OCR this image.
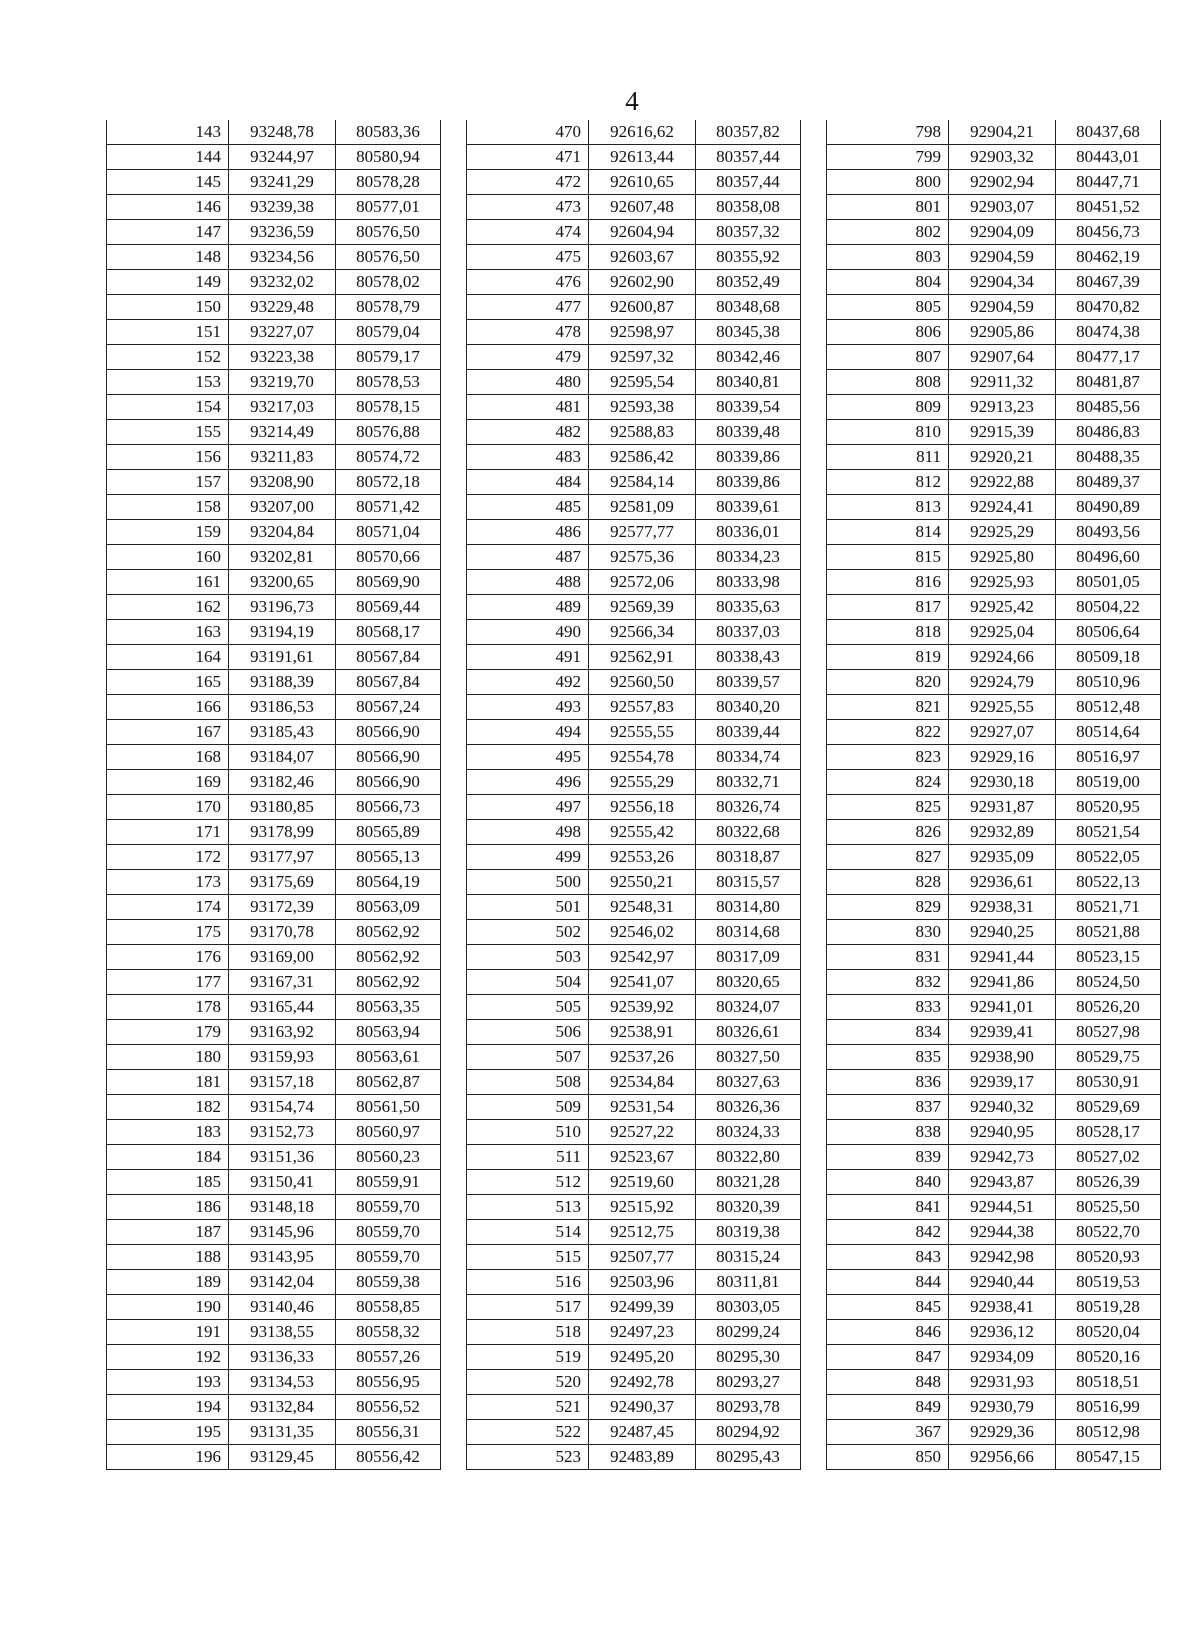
4
143	93248,78	80583,36
144	93244,97	80580,94
145	93241,29	80578,28
146	93239,38	80577,01
147	93236,59	80576,50
148	93234,56	80576,50
149	93232,02	80578,02
150	93229,48	80578,79
151	93227,07	80579,04
152	93223,38	80579,17
153	93219,70	80578,53
154	93217,03	80578,15
155	93214,49	80576,88
156	93211,83	80574,72
157	93208,90	80572,18
158	93207,00	80571,42
159	93204,84	80571,04
160	93202,81	80570,66
161	93200,65	80569,90
162	93196,73	80569,44
163	93194,19	80568,17
164	93191,61	80567,84
165	93188,39	80567,84
166	93186,53	80567,24
167	93185,43	80566,90
168	93184,07	80566,90
169	93182,46	80566,90
170	93180,85	80566,73
171	93178,99	80565,89
172	93177,97	80565,13
173	93175,69	80564,19
174	93172,39	80563,09
175	93170,78	80562,92
176	93169,00	80562,92
177	93167,31	80562,92
178	93165,44	80563,35
179	93163,92	80563,94
180	93159,93	80563,61
181	93157,18	80562,87
182	93154,74	80561,50
183	93152,73	80560,97
184	93151,36	80560,23
185	93150,41	80559,91
186	93148,18	80559,70
187	93145,96	80559,70
188	93143,95	80559,70
189	93142,04	80559,38
190	93140,46	80558,85
191	93138,55	80558,32
192	93136,33	80557,26
193	93134,53	80556,95
194	93132,84	80556,52
195	93131,35	80556,31
196	93129,45	80556,42
470	92616,62	80357,82
471	92613,44	80357,44
472	92610,65	80357,44
473	92607,48	80358,08
474	92604,94	80357,32
475	92603,67	80355,92
476	92602,90	80352,49
477	92600,87	80348,68
478	92598,97	80345,38
479	92597,32	80342,46
480	92595,54	80340,81
481	92593,38	80339,54
482	92588,83	80339,48
483	92586,42	80339,86
484	92584,14	80339,86
485	92581,09	80339,61
486	92577,77	80336,01
487	92575,36	80334,23
488	92572,06	80333,98
489	92569,39	80335,63
490	92566,34	80337,03
491	92562,91	80338,43
492	92560,50	80339,57
493	92557,83	80340,20
494	92555,55	80339,44
495	92554,78	80334,74
496	92555,29	80332,71
497	92556,18	80326,74
498	92555,42	80322,68
499	92553,26	80318,87
500	92550,21	80315,57
501	92548,31	80314,80
502	92546,02	80314,68
503	92542,97	80317,09
504	92541,07	80320,65
505	92539,92	80324,07
506	92538,91	80326,61
507	92537,26	80327,50
508	92534,84	80327,63
509	92531,54	80326,36
510	92527,22	80324,33
511	92523,67	80322,80
512	92519,60	80321,28
513	92515,92	80320,39
514	92512,75	80319,38
515	92507,77	80315,24
516	92503,96	80311,81
517	92499,39	80303,05
518	92497,23	80299,24
519	92495,20	80295,30
520	92492,78	80293,27
521	92490,37	80293,78
522	92487,45	80294,92
523	92483,89	80295,43
798	92904,21	80437,68
799	92903,32	80443,01
800	92902,94	80447,71
801	92903,07	80451,52
802	92904,09	80456,73
803	92904,59	80462,19
804	92904,34	80467,39
805	92904,59	80470,82
806	92905,86	80474,38
807	92907,64	80477,17
808	92911,32	80481,87
809	92913,23	80485,56
810	92915,39	80486,83
811	92920,21	80488,35
812	92922,88	80489,37
813	92924,41	80490,89
814	92925,29	80493,56
815	92925,80	80496,60
816	92925,93	80501,05
817	92925,42	80504,22
818	92925,04	80506,64
819	92924,66	80509,18
820	92924,79	80510,96
821	92925,55	80512,48
822	92927,07	80514,64
823	92929,16	80516,97
824	92930,18	80519,00
825	92931,87	80520,95
826	92932,89	80521,54
827	92935,09	80522,05
828	92936,61	80522,13
829	92938,31	80521,71
830	92940,25	80521,88
831	92941,44	80523,15
832	92941,86	80524,50
833	92941,01	80526,20
834	92939,41	80527,98
835	92938,90	80529,75
836	92939,17	80530,91
837	92940,32	80529,69
838	92940,95	80528,17
839	92942,73	80527,02
840	92943,87	80526,39
841	92944,51	80525,50
842	92944,38	80522,70
843	92942,98	80520,93
844	92940,44	80519,53
845	92938,41	80519,28
846	92936,12	80520,04
847	92934,09	80520,16
848	92931,93	80518,51
849	92930,79	80516,99
367	92929,36	80512,98
850	92956,66	80547,15
